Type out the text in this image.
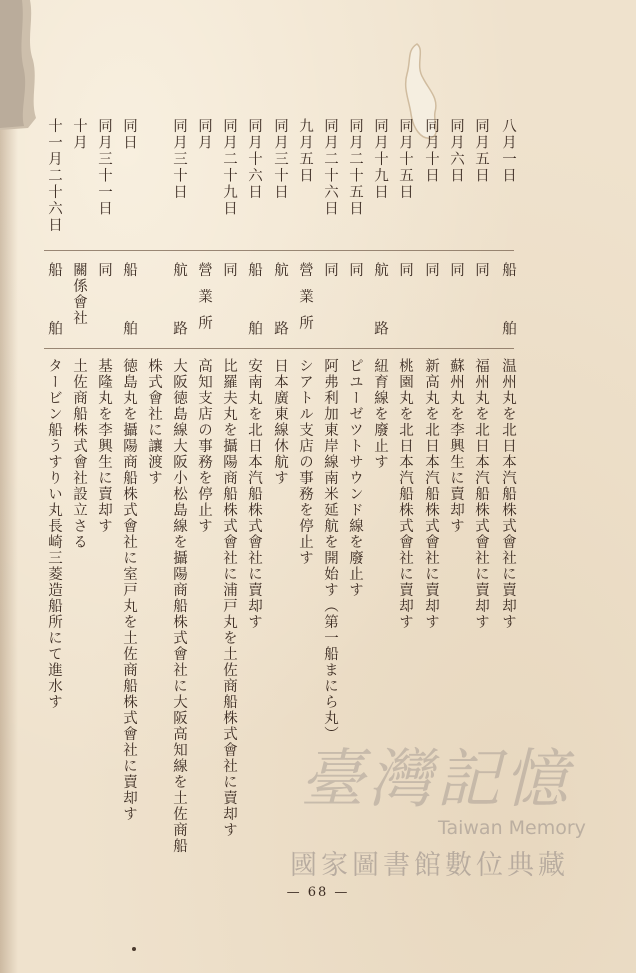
八月一日
船舶
温州丸を北日本汽船株式會社に賣却す
同月五日
同
福州丸を北日本汽船株式會社に賣却す
同月六日
同
蘇州丸を李興生に賣却す
同月十日
同
新高丸を北日本汽船株式會社に賣却す
同月十五日
同
桃園丸を北日本汽船株式會社に賣却す
同月十九日
航路
紐育線を廢止す
同月二十五日
同
ピユーゼツトサウンド線を廢止す
同月二十六日
同
阿弗利加東岸線南米延航を開始す（第一船まにら丸）
九月五日
營業所
シアトル支店の事務を停止す
同月三十日
航路
日本廣東線休航す
同月十六日
船舶
安南丸を北日本汽船株式會社に賣却す
同月二十九日
同
比羅夫丸を攝陽商船株式會社に浦戸丸を土佐商船株式會社に賣却す
同月
營業所
高知支店の事務を停止す
同月三十日
航路
大阪徳島線大阪小松島線を攝陽商船株式會社に大阪高知線を土佐商船
株式會社に讓渡す
同日
船舶
徳島丸を攝陽商船株式會社に室戸丸を土佐商船株式會社に賣却す
同月三十一日
同
基隆丸を李興生に賣却す
十月
關係會社
土佐商船株式會社設立さる
十一月二十六日
船舶
タービン船うすりい丸長崎三菱造船所にて進水す
— 68 —
臺灣記憶
Taiwan Memory
國家圖書館數位典藏
